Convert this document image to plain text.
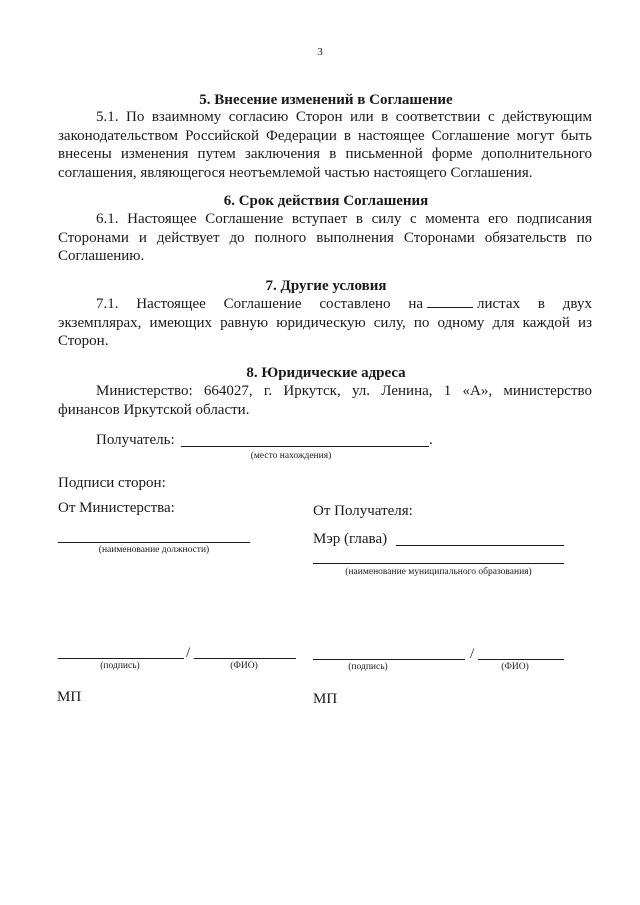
3
5. Внесение изменений в Соглашение
5.1. По взаимному согласию Сторон или в соответствии с действующим законодательством Российской Федерации в настоящее Соглашение могут быть внесены изменения путем заключения в письменной форме дополнительного соглашения, являющегося неотъемлемой частью настоящего Соглашения.
6. Срок действия Соглашения
6.1. Настоящее Соглашение вступает в силу с момента его подписания Сторонами и действует до полного выполнения Сторонами обязательств по Соглашению.
7. Другие условия
7.1. Настоящее Соглашение составлено на	листах в двух экземплярах, имеющих равную юридическую силу, по одному для каждой из Сторон.
8. Юридические адреса
Министерство: 664027, г. Иркутск, ул. Ленина, 1 «А», министерство финансов Иркутской области.
Получатель:	.
(место нахождения)
Подписи сторон:
От Министерства:	От Получателя:
(наименование должности)
Мэр (глава)
(наименование муниципального образования)
/
(подпись)	(ФИО)
/
(подпись)	(ФИО)
МП	МП
